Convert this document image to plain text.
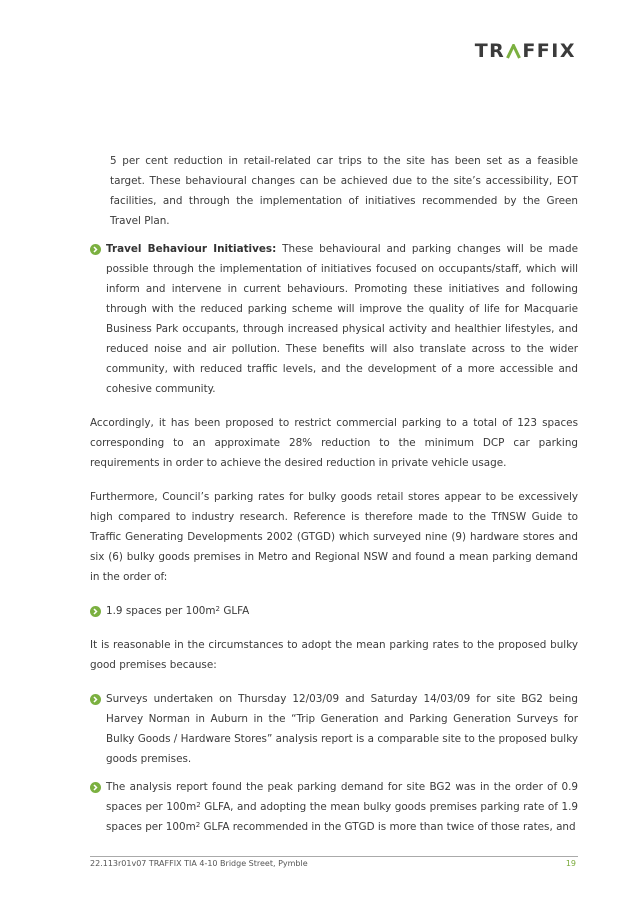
TR FFIX
5 per cent reduction in retail-related car trips to the site has been set as a feasible target. These behavioural changes can be achieved due to the site’s accessibility, EOT facilities, and through the implementation of initiatives recommended by the Green Travel Plan.
Travel Behaviour Initiatives: These behavioural and parking changes will be made possible through the implementation of initiatives focused on occupants/staff, which will inform and intervene in current behaviours. Promoting these initiatives and following through with the reduced parking scheme will improve the quality of life for Macquarie Business Park occupants, through increased physical activity and healthier lifestyles, and reduced noise and air pollution. These benefits will also translate across to the wider community, with reduced traffic levels, and the development of a more accessible and cohesive community.
Accordingly, it has been proposed to restrict commercial parking to a total of 123 spaces corresponding to an approximate 28% reduction to the minimum DCP car parking requirements in order to achieve the desired reduction in private vehicle usage.
Furthermore, Council’s parking rates for bulky goods retail stores appear to be excessively high compared to industry research. Reference is therefore made to the TfNSW Guide to Traffic Generating Developments 2002 (GTGD) which surveyed nine (9) hardware stores and six (6) bulky goods premises in Metro and Regional NSW and found a mean parking demand in the order of:
1.9 spaces per $100m^2$ GLFA
It is reasonable in the circumstances to adopt the mean parking rates to the proposed bulky good premises because:
Surveys undertaken on Thursday 12/03/09 and Saturday 14/03/09 for site BG2 being Harvey Norman in Auburn in the “Trip Generation and Parking Generation Surveys for Bulky Goods / Hardware Stores” analysis report is a comparable site to the proposed bulky goods premises.
The analysis report found the peak parking demand for site BG2 was in the order of 0.9 spaces per $100m^2$ GLFA, and adopting the mean bulky goods premises parking rate of 1.9 spaces per $100m^2$ GLFA recommended in the GTGD is more than twice of those rates, and
22.113r01v07 TRAFFIX TIA 4-10 Bridge Street, Pymble	19
